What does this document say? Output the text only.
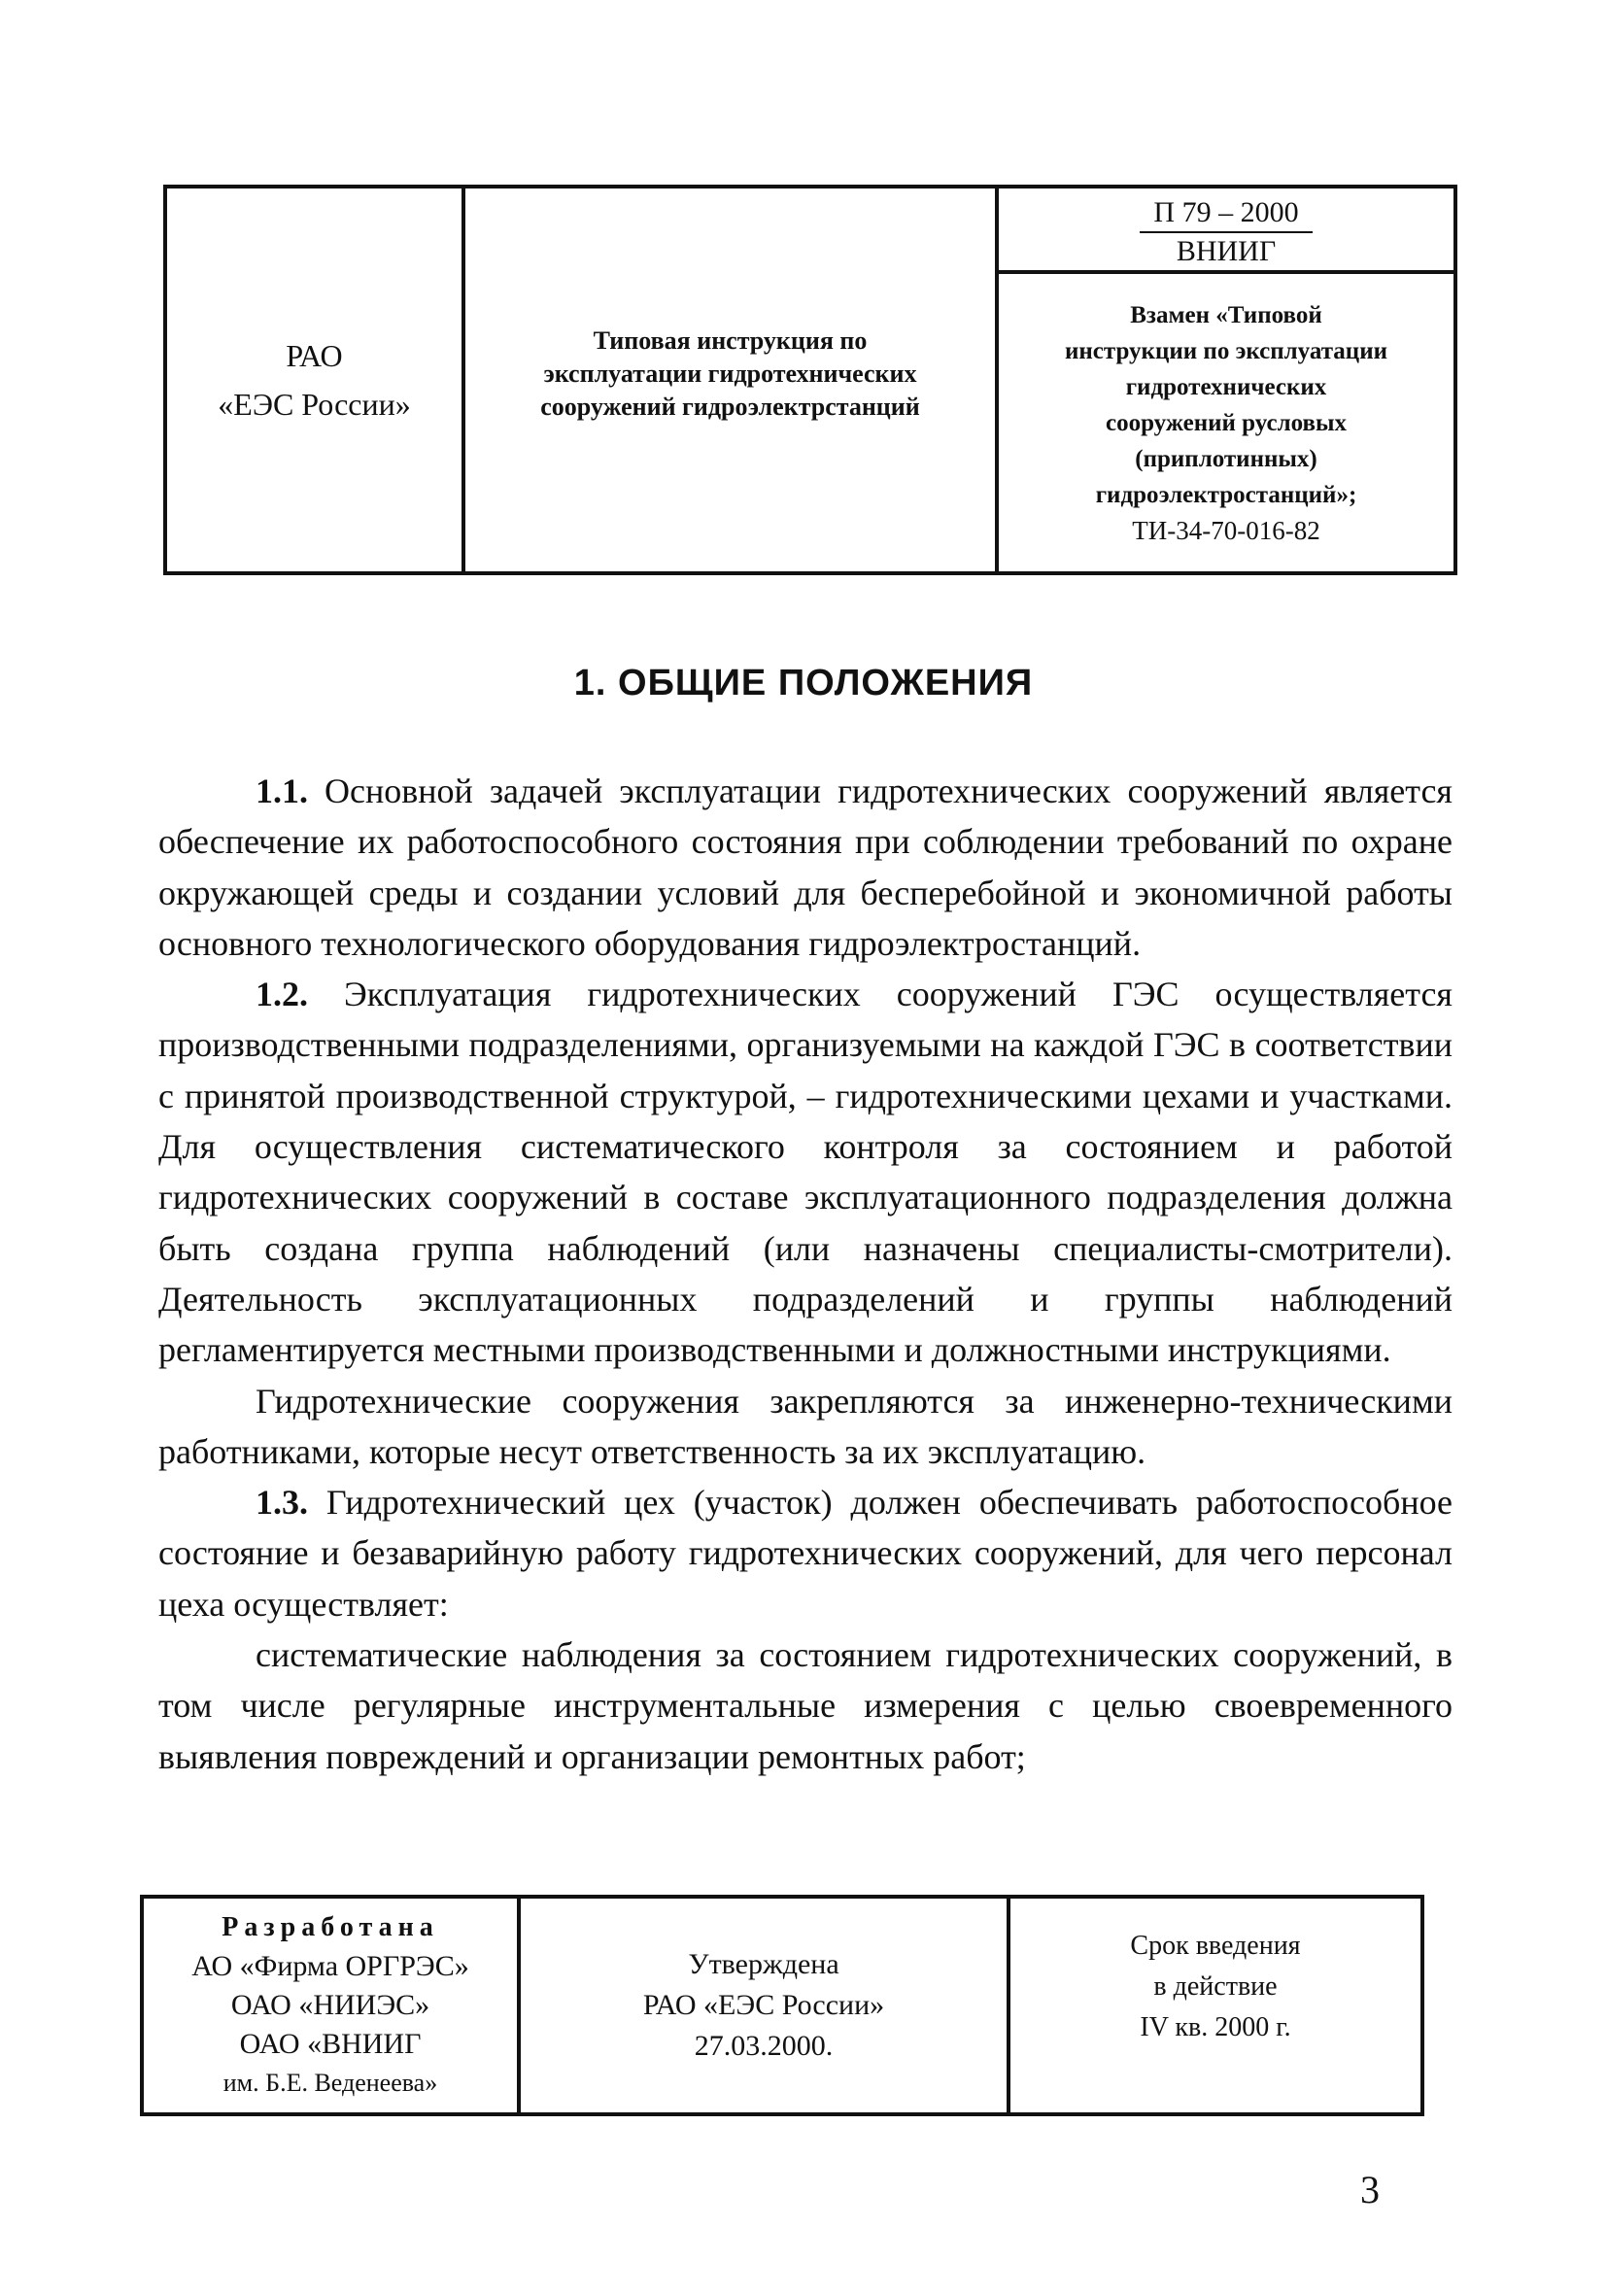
РАО
«ЕЭС России»
Типовая инструкция по
эксплуатации гидротехнических
сооружений гидроэлектрстанций
П 79 – 2000
ВНИИГ
Взамен «Типовой
инструкции по эксплуатации
гидротехнических
сооружений русловых
(приплотинных)
гидроэлектростанций»;
ТИ-34-70-016-82
1. ОБЩИЕ ПОЛОЖЕНИЯ

1.1. Основной задачей эксплуатации гидротехнических сооружений является обеспечение их работоспособного состояния при соблюдении требований по охране окружающей среды и создании условий для бесперебойной и экономичной работы основного технологического оборудования гидроэлектростанций.

1.2. Эксплуатация гидротехнических сооружений ГЭС осуществляется производственными подразделениями, организуемыми на каждой ГЭС в соответствии с принятой производственной структурой, – гидротехническими цехами и участками. Для осуществления систематического контроля за состоянием и работой гидротехнических сооружений в составе эксплуатационного подразделения должна быть создана группа наблюдений (или назначены специалисты-смотрители). Деятельность эксплуатационных подразделений и группы наблюдений регламентируется местными производственными и должностными инструкциями.

Гидротехнические сооружения закрепляются за инженерно-техническими работниками, которые несут ответственность за их эксплуатацию.

1.3. Гидротехнический цех (участок) должен обеспечивать работоспособное состояние и безаварийную работу гидротехнических сооружений, для чего персонал цеха осуществляет:

систематические наблюдения за состоянием гидротехнических сооружений, в том числе регулярные инструментальные измерения с целью своевременного выявления повреждений и организации ремонтных работ;

Разработана
АО «Фирма ОРГРЭС»
ОАО «НИИЭС»
ОАО «ВНИИГ
им. Б.Е. Веденеева»
Утверждена
РАО «ЕЭС России»
27.03.2000.
Срок введения
в действие
IV кв. 2000 г.
3
